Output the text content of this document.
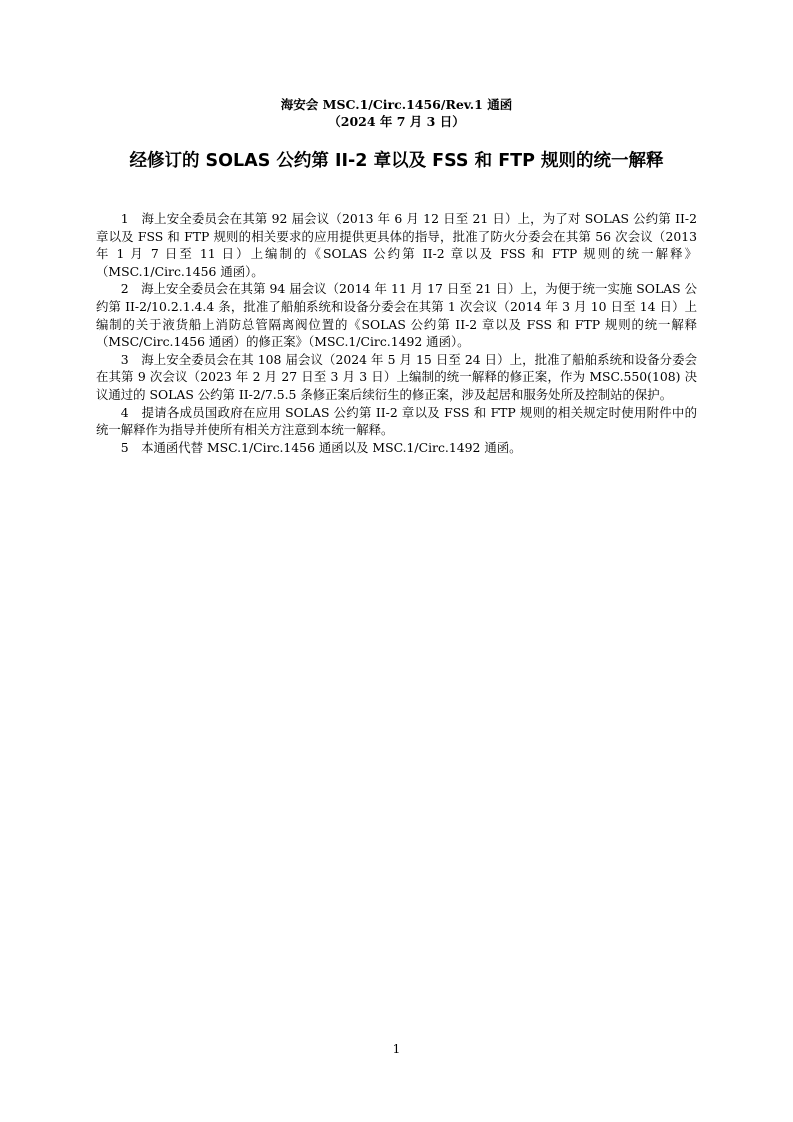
海安会 MSC.1/Circ.1456/Rev.1 通函
（2024 年 7 月 3 日）
经修订的 SOLAS 公约第 II-2 章以及 FSS 和 FTP 规则的统一解释

1　海上安全委员会在其第 92 届会议（2013 年 6 月 12 日至 21 日）上，为了对 SOLAS 公约第 II-2 章以及 FSS 和 FTP 规则的相关要求的应用提供更具体的指导，批准了防火分委会在其第 56 次会议（2013 年 1 月 7 日至 11 日）上编制的《SOLAS 公约第 II-2 章以及 FSS 和 FTP 规则的统一解释》（MSC.1/Circ.1456 通函）。

2　海上安全委员会在其第 94 届会议（2014 年 11 月 17 日至 21 日）上，为便于统一实施 SOLAS 公约第 II-2/10.2.1.4.4 条，批准了船舶系统和设备分委会在其第 1 次会议（2014 年 3 月 10 日至 14 日）上编制的关于液货船上消防总管隔离阀位置的《SOLAS 公约第 II-2 章以及 FSS 和 FTP 规则的统一解释（MSC/Circ.1456 通函）的修正案》（MSC.1/Circ.1492 通函）。

3　海上安全委员会在其 108 届会议（2024 年 5 月 15 日至 24 日）上，批准了船舶系统和设备分委会在其第 9 次会议（2023 年 2 月 27 日至 3 月 3 日）上编制的统一解释的修正案，作为 MSC.550(108) 决议通过的 SOLAS 公约第 II-2/7.5.5 条修正案后续衍生的修正案，涉及起居和服务处所及控制站的保护。

4　提请各成员国政府在应用 SOLAS 公约第 II-2 章以及 FSS 和 FTP 规则的相关规定时使用附件中的统一解释作为指导并使所有相关方注意到本统一解释。

5　本通函代替 MSC.1/Circ.1456 通函以及 MSC.1/Circ.1492 通函。

1
